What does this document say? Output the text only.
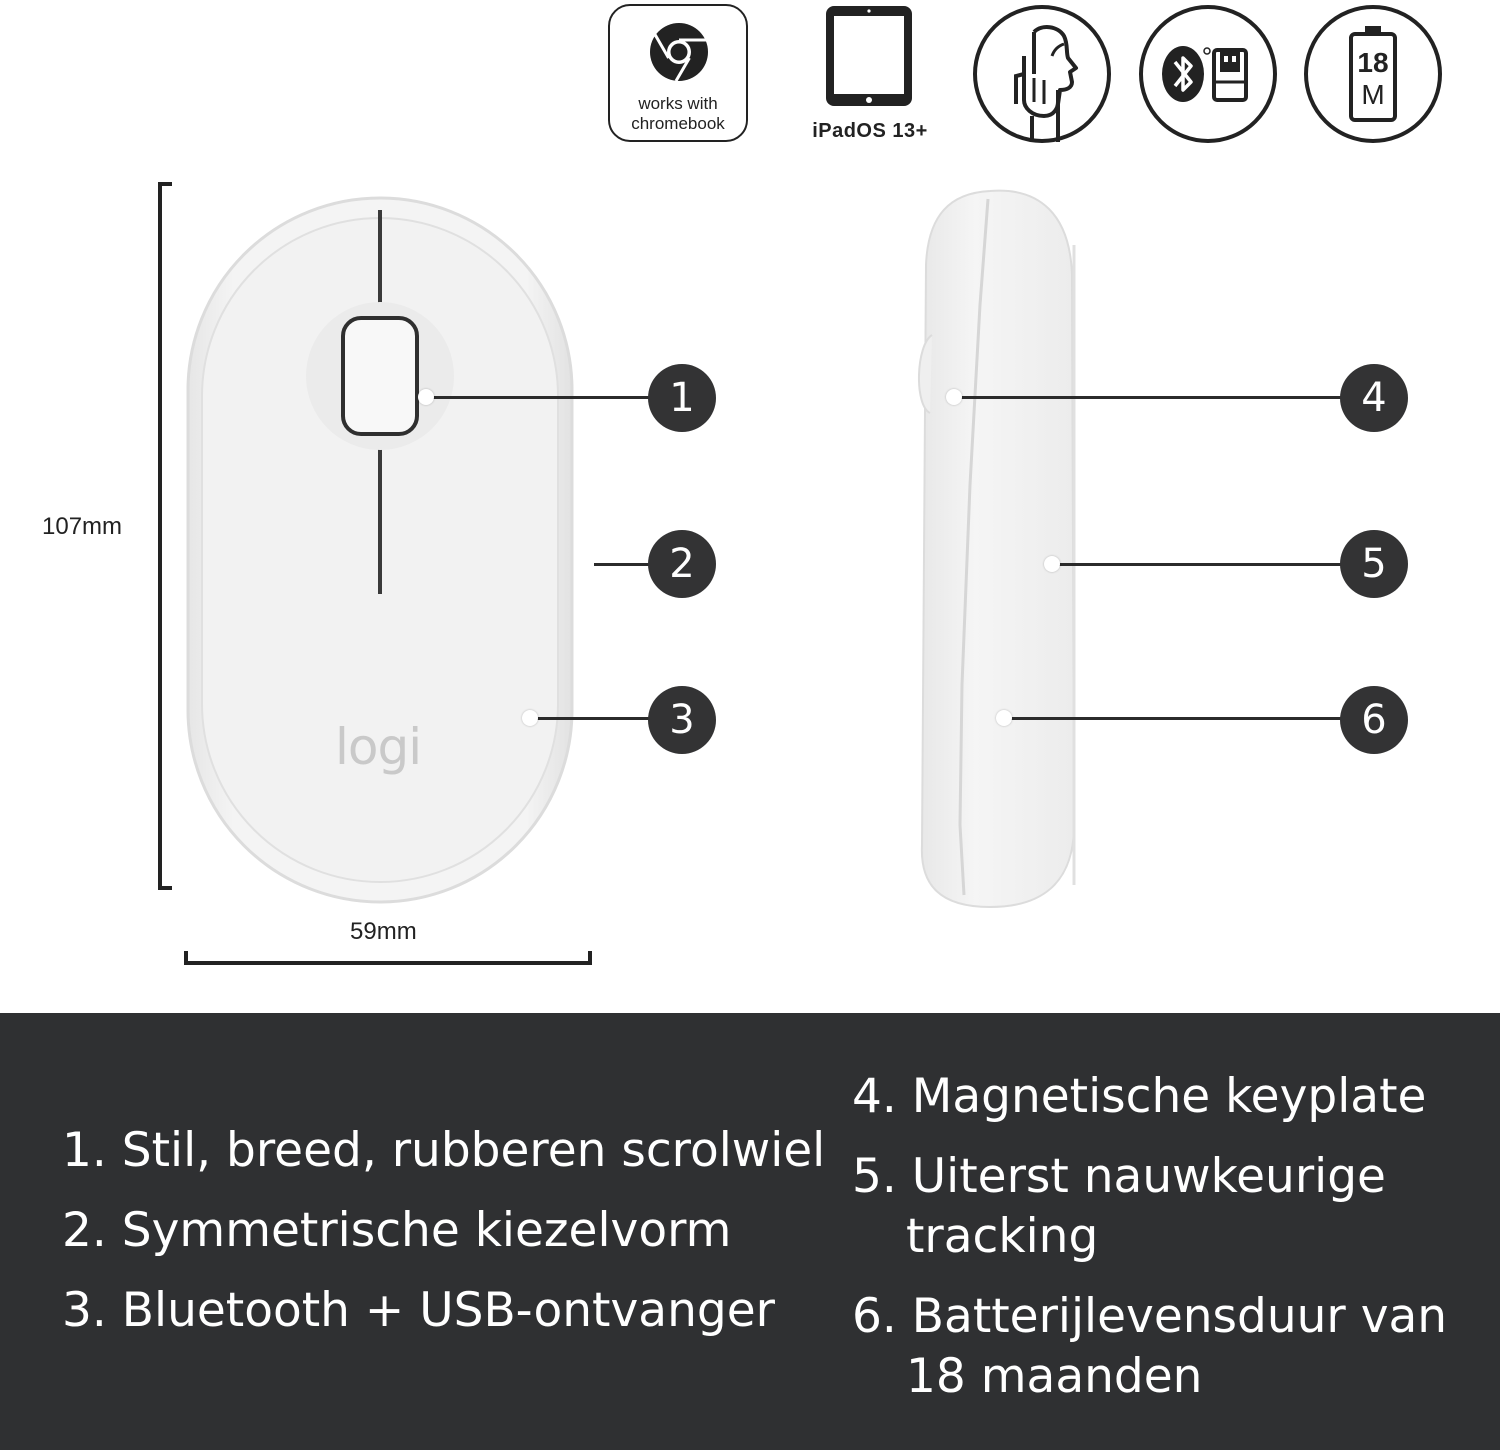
works with
chromebook	iPadOS 13+
18
M
107mm
59mm
logi
1
2
3
4
5
6
1. Stil, breed, rubberen scrolwiel
2. Symmetrische kiezelvorm
3. Bluetooth + USB-ontvanger
4. Magnetische keyplate
5. Uiterst nauwkeurige
tracking
6. Batterijlevensduur van
18 maanden
